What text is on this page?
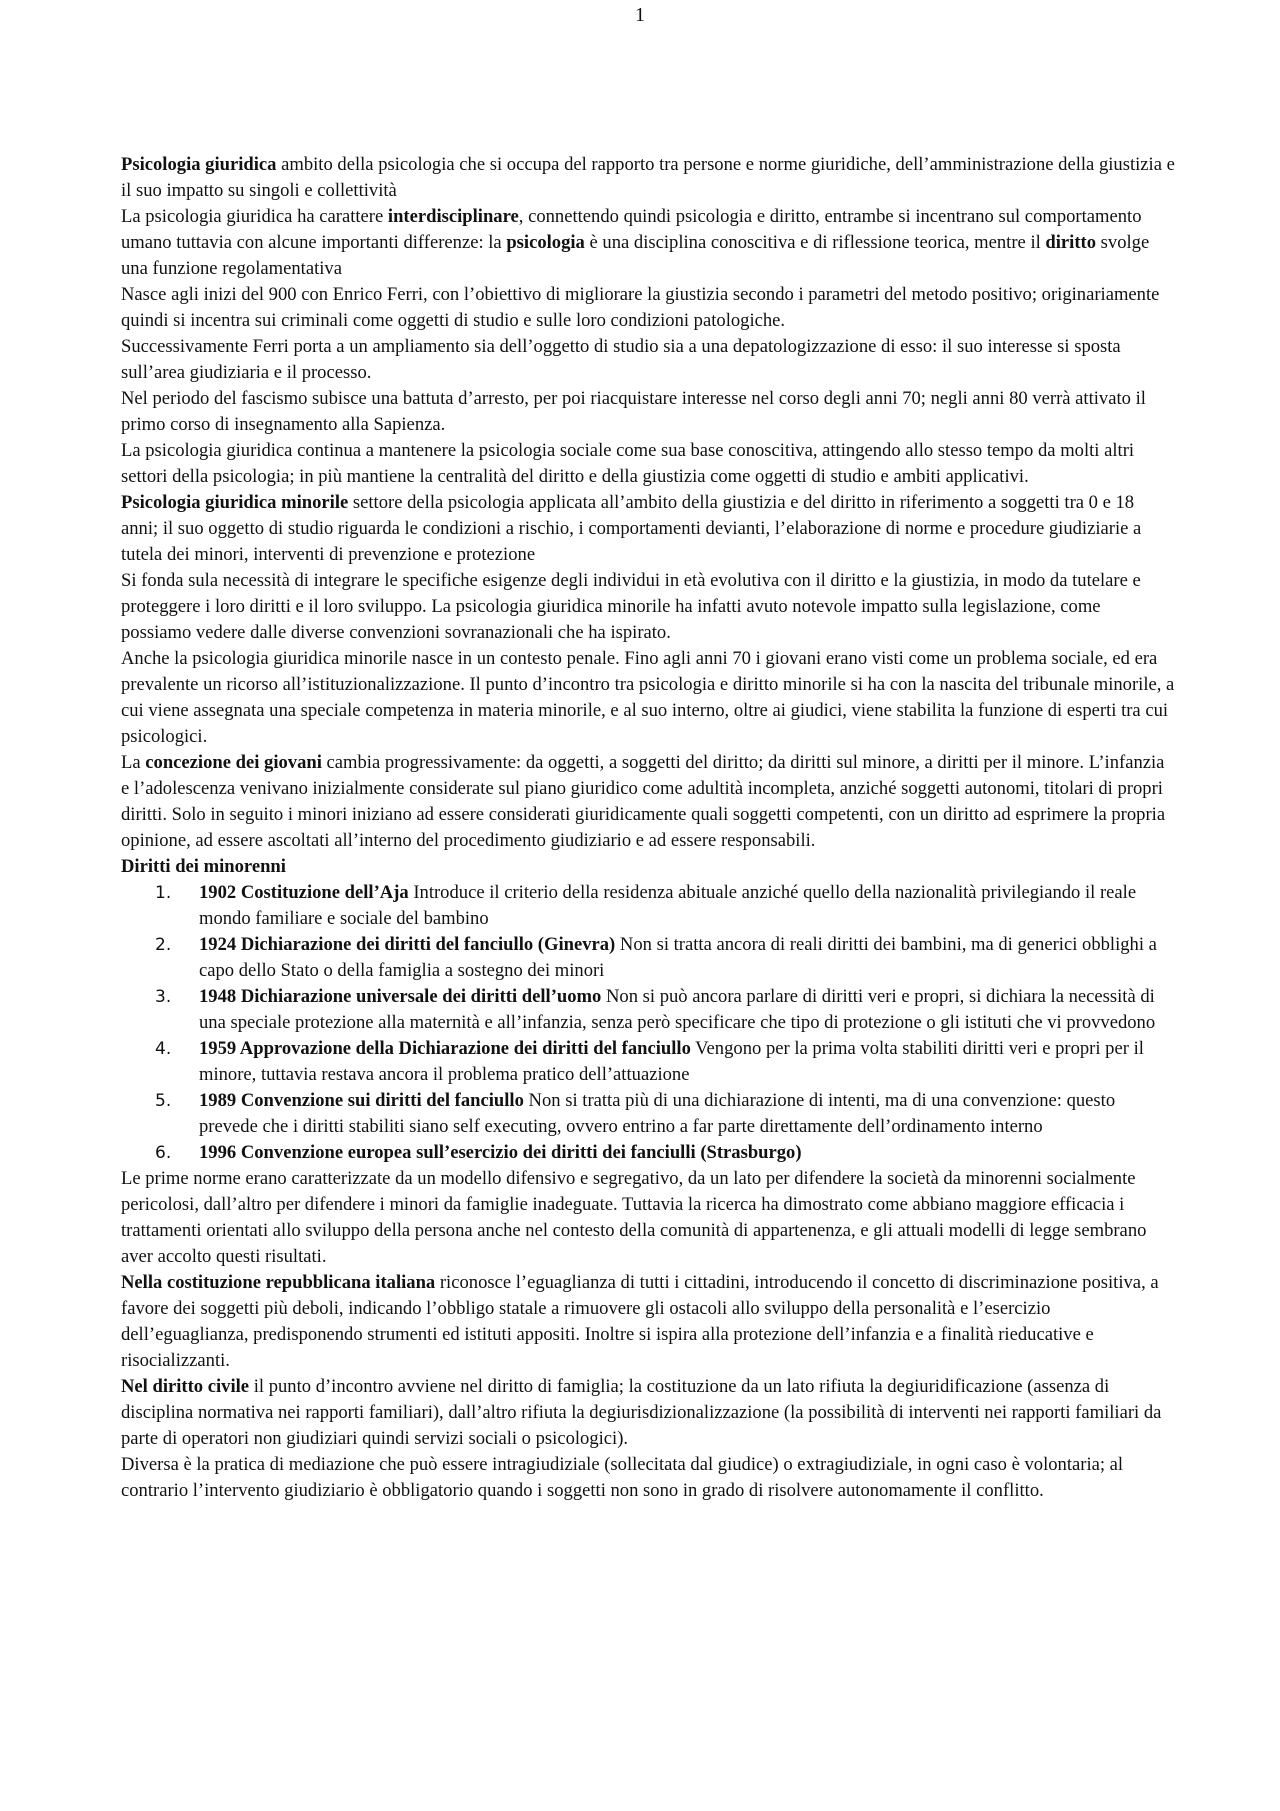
1

Psicologia giuridica ambito della psicologia che si occupa del rapporto tra persone e norme giuridiche, dell’amministrazione della giustizia e il suo impatto su singoli e collettività

La psicologia giuridica ha carattere interdisciplinare, connettendo quindi psicologia e diritto, entrambe si incentrano sul comportamento umano tuttavia con alcune importanti differenze: la psicologia è una disciplina conoscitiva e di riflessione teorica, mentre il diritto svolge una funzione regolamentativa

Nasce agli inizi del 900 con Enrico Ferri, con l’obiettivo di migliorare la giustizia secondo i parametri del metodo positivo; originariamente quindi si incentra sui criminali come oggetti di studio e sulle loro condizioni patologiche.

Successivamente Ferri porta a un ampliamento sia dell’oggetto di studio sia a una depatologizzazione di esso: il suo interesse si sposta sull’area giudiziaria e il processo.

Nel periodo del fascismo subisce una battuta d’arresto, per poi riacquistare interesse nel corso degli anni 70; negli anni 80 verrà attivato il primo corso di insegnamento alla Sapienza.

La psicologia giuridica continua a mantenere la psicologia sociale come sua base conoscitiva, attingendo allo stesso tempo da molti altri settori della psicologia; in più mantiene la centralità del diritto e della giustizia come oggetti di studio e ambiti applicativi.

Psicologia giuridica minorile settore della psicologia applicata all’ambito della giustizia e del diritto in riferimento a soggetti tra 0 e 18 anni; il suo oggetto di studio riguarda le condizioni a rischio, i comportamenti devianti, l’elaborazione di norme e procedure giudiziarie a tutela dei minori, interventi di prevenzione e protezione

Si fonda sula necessità di integrare le specifiche esigenze degli individui in età evolutiva con il diritto e la giustizia, in modo da tutelare e proteggere i loro diritti e il loro sviluppo. La psicologia giuridica minorile ha infatti avuto notevole impatto sulla legislazione, come possiamo vedere dalle diverse convenzioni sovranazionali che ha ispirato.

Anche la psicologia giuridica minorile nasce in un contesto penale. Fino agli anni 70 i giovani erano visti come un problema sociale, ed era prevalente un ricorso all’istituzionalizzazione. Il punto d’incontro tra psicologia e diritto minorile si ha con la nascita del tribunale minorile, a cui viene assegnata una speciale competenza in materia minorile, e al suo interno, oltre ai giudici, viene stabilita la funzione di esperti tra cui psicologici.

La concezione dei giovani cambia progressivamente: da oggetti, a soggetti del diritto; da diritti sul minore, a diritti per il minore. L’infanzia e l’adolescenza venivano inizialmente considerate sul piano giuridico come adultità incompleta, anziché soggetti autonomi, titolari di propri diritti. Solo in seguito i minori iniziano ad essere considerati giuridicamente quali soggetti competenti, con un diritto ad esprimere la propria opinione, ad essere ascoltati all’interno del procedimento giudiziario e ad essere responsabili.

Diritti dei minorenni

1.	1902 Costituzione dell’Aja Introduce il criterio della residenza abituale anziché quello della nazionalità privilegiando il reale mondo familiare e sociale del bambino
2.	1924 Dichiarazione dei diritti del fanciullo (Ginevra) Non si tratta ancora di reali diritti dei bambini, ma di generici obblighi a capo dello Stato o della famiglia a sostegno dei minori
3.	1948 Dichiarazione universale dei diritti dell’uomo Non si può ancora parlare di diritti veri e propri, si dichiara la necessità di una speciale protezione alla maternità e all’infanzia, senza però specificare che tipo di protezione o gli istituti che vi provvedono
4.	1959 Approvazione della Dichiarazione dei diritti del fanciullo Vengono per la prima volta stabiliti diritti veri e propri per il minore, tuttavia restava ancora il problema pratico dell’attuazione
5.	1989 Convenzione sui diritti del fanciullo Non si tratta più di una dichiarazione di intenti, ma di una convenzione: questo prevede che i diritti stabiliti siano self executing, ovvero entrino a far parte direttamente dell’ordinamento interno
6.	1996 Convenzione europea sull’esercizio dei diritti dei fanciulli (Strasburgo)

Le prime norme erano caratterizzate da un modello difensivo e segregativo, da un lato per difendere la società da minorenni socialmente pericolosi, dall’altro per difendere i minori da famiglie inadeguate. Tuttavia la ricerca ha dimostrato come abbiano maggiore efficacia i trattamenti orientati allo sviluppo della persona anche nel contesto della comunità di appartenenza, e gli attuali modelli di legge sembrano aver accolto questi risultati.

Nella costituzione repubblicana italiana riconosce l’eguaglianza di tutti i cittadini, introducendo il concetto di discriminazione positiva, a favore dei soggetti più deboli, indicando l’obbligo statale a rimuovere gli ostacoli allo sviluppo della personalità e l’esercizio dell’eguaglianza, predisponendo strumenti ed istituti appositi. Inoltre si ispira alla protezione dell’infanzia e a finalità rieducative e risocializzanti.

Nel diritto civile il punto d’incontro avviene nel diritto di famiglia; la costituzione da un lato rifiuta la degiuridificazione (assenza di disciplina normativa nei rapporti familiari), dall’altro rifiuta la degiurisdizionalizzazione (la possibilità di interventi nei rapporti familiari da parte di operatori non giudiziari quindi servizi sociali o psicologici).

Diversa è la pratica di mediazione che può essere intragiudiziale (sollecitata dal giudice) o extragiudiziale, in ogni caso è volontaria; al contrario l’intervento giudiziario è obbligatorio quando i soggetti non sono in grado di risolvere autonomamente il conflitto.
